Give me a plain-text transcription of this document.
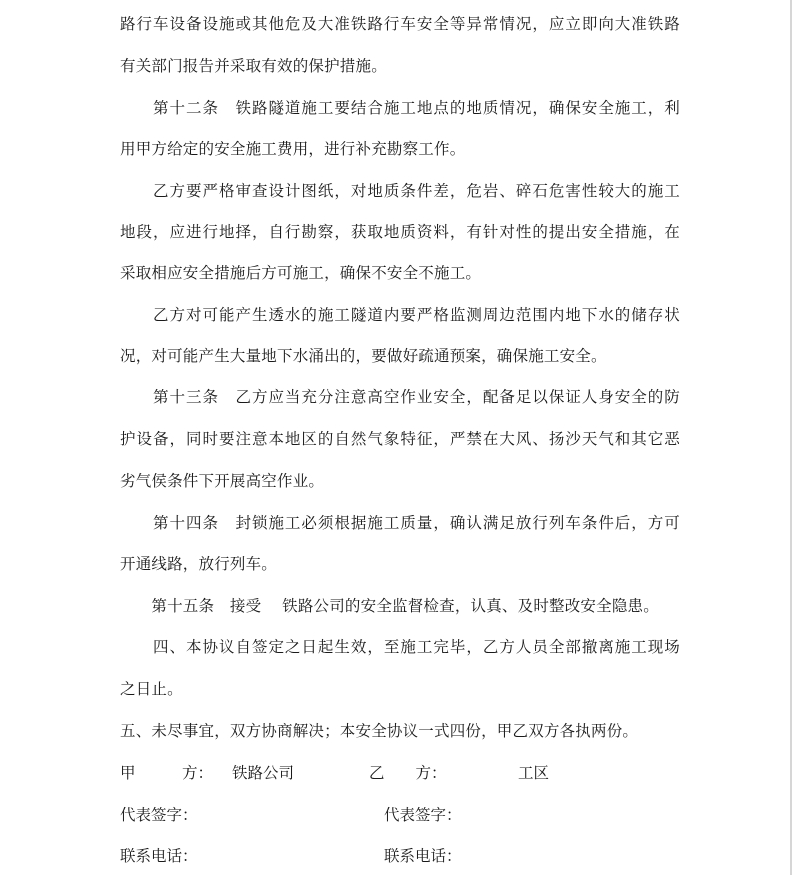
路行车设备设施或其他危及大准铁路行车安全等异常情况，应立即向大准铁路
有关部门报告并采取有效的保护措施。
　　第十二条　铁路隧道施工要结合施工地点的地质情况，确保安全施工，利
用甲方给定的安全施工费用，进行补充勘察工作。
　　乙方要严格审查设计图纸，对地质条件差，危岩、碎石危害性较大的施工
地段，应进行地择，自行勘察，获取地质资料，有针对性的提出安全措施，在
采取相应安全措施后方可施工，确保不安全不施工。
　　乙方对可能产生透水的施工隧道内要严格监测周边范围内地下水的储存状
况，对可能产生大量地下水涌出的，要做好疏通预案，确保施工安全。
　　第十三条　乙方应当充分注意高空作业安全，配备足以保证人身安全的防
护设备，同时要注意本地区的自然气象特征，严禁在大风、扬沙天气和其它恶
劣气侯条件下开展高空作业。
　　第十四条　封锁施工必须根据施工质量，确认满足放行列车条件后，方可
开通线路，放行列车。
　　第十五条　接受　 铁路公司的安全监督检查，认真、及时整改安全隐患。
　　四、本协议自签定之日起生效，至施工完毕，乙方人员全部撤离施工现场
之日止。
五、未尽事宜，双方协商解决；本安全协议一式四份，甲乙双方各执两份。
甲　　　方： 铁路公司	乙　　方：	工区
代表签字：	代表签字：
联系电话：	联系电话：
